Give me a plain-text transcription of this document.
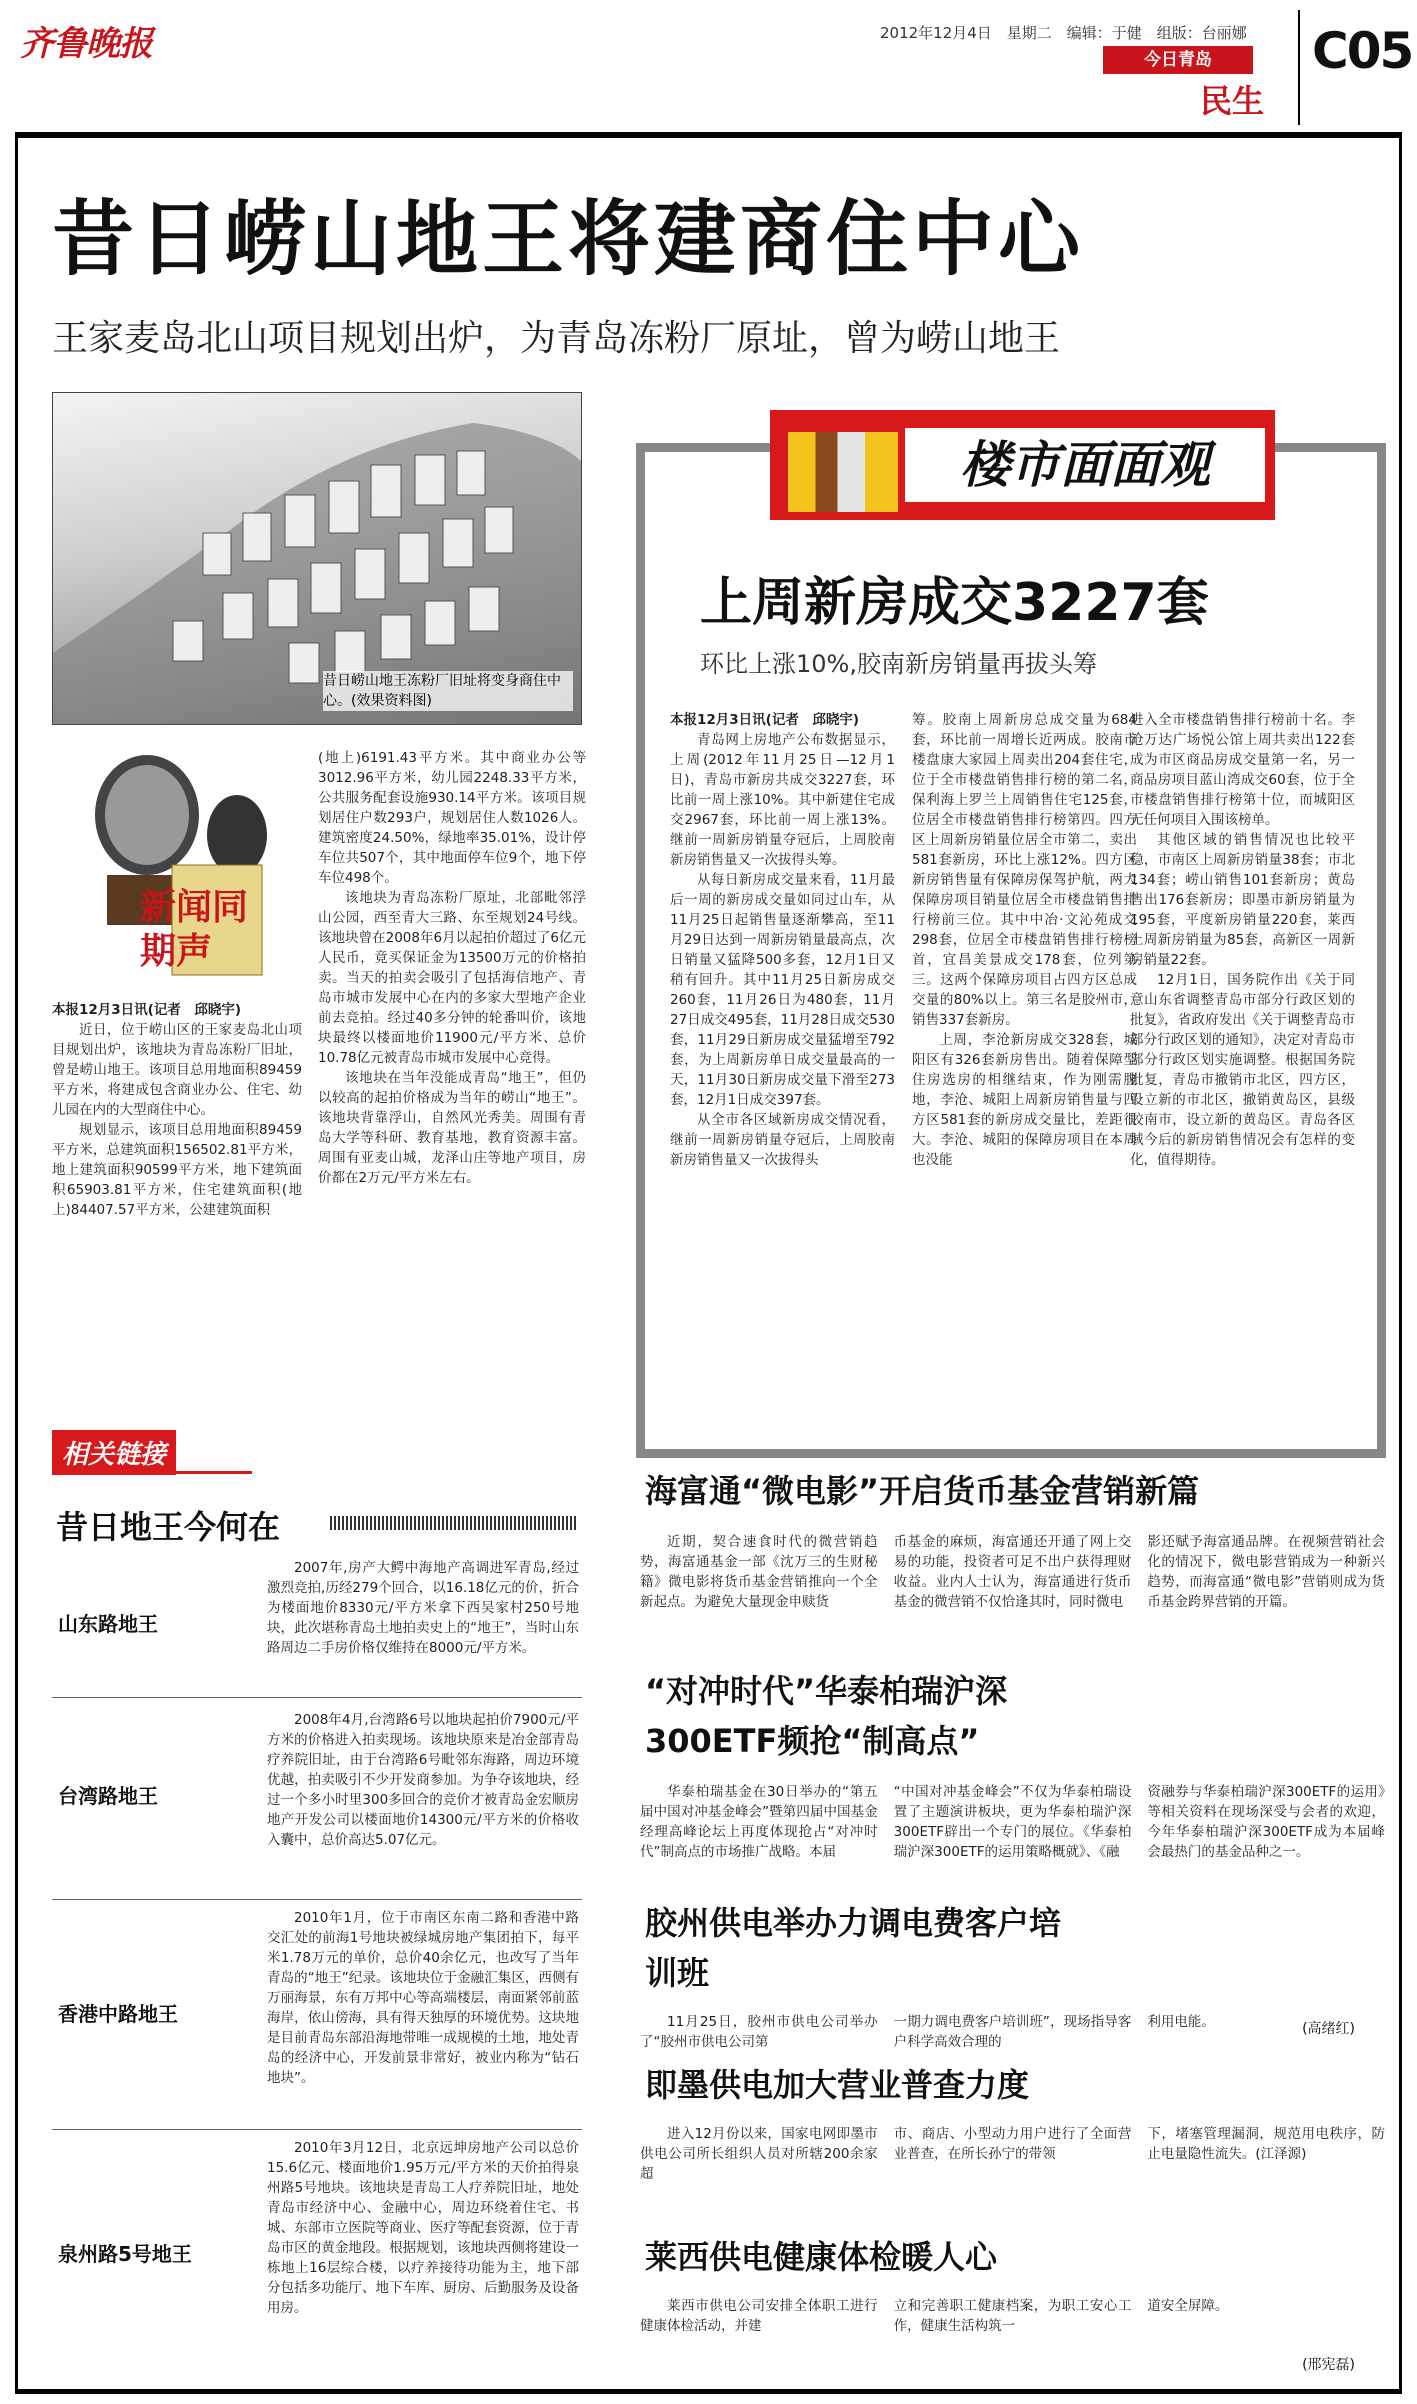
齐鲁晚报	2012年12月4日　星期二　编辑：于健　组版：台丽娜
今日青岛
民生
C05
昔日崂山地王将建商住中心
王家麦岛北山项目规划出炉，为青岛冻粉厂原址，曾为崂山地王
昔日崂山地王冻粉厂旧址将变身商住中心。(效果资料图)
新闻同期声

本报12月3日讯(记者　邱晓宇)

近日，位于崂山区的王家麦岛北山项目规划出炉，该地块为青岛冻粉厂旧址，曾是崂山地王。该项目总用地面积89459平方米，将建成包含商业办公、住宅、幼儿园在内的大型商住中心。

规划显示，该项目总用地面积89459平方米，总建筑面积156502.81平方米，地上建筑面积90599平方米，地下建筑面积65903.81平方米，住宅建筑面积(地上)84407.57平方米，公建建筑面积

(地上)6191.43平方米。其中商业办公等3012.96平方米，幼儿园2248.33平方米，公共服务配套设施930.14平方米。该项目规划居住户数293户，规划居住人数1026人。建筑密度24.50%，绿地率35.01%，设计停车位共507个，其中地面停车位9个，地下停车位498个。

该地块为青岛冻粉厂原址，北部毗邻浮山公园，西至青大三路、东至规划24号线。该地块曾在2008年6月以起拍价超过了6亿元人民币，竟买保证金为13500万元的价格拍卖。当天的拍卖会吸引了包括海信地产、青岛市城市发展中心在内的多家大型地产企业前去竞拍。经过40多分钟的轮番叫价，该地块最终以楼面地价11900元/平方米、总价10.78亿元被青岛市城市发展中心竞得。

该地块在当年没能成青岛“地王”，但仍以较高的起拍价格成为当年的崂山“地王”。该地块背靠浮山，自然风光秀美。周围有青岛大学等科研、教育基地，教育资源丰富。周围有亚麦山城，龙泽山庄等地产项目，房价都在2万元/平方米左右。

楼市面面观
上周新房成交3227套
环比上涨10%,胶南新房销量再拔头筹

本报12月3日讯(记者　邱晓宇)

青岛网上房地产公布数据显示，上周(2012年11月25日—12月1日)，青岛市新房共成交3227套，环比前一周上涨10%。其中新建住宅成交2967套，环比前一周上涨13%。继前一周新房销量夺冠后，上周胶南新房销售量又一次拔得头筹。

从每日新房成交量来看，11月最后一周的新房成交量如同过山车，从11月25日起销售量逐渐攀高，至11月29日达到一周新房销量最高点，次日销量又猛降500多套，12月1日又稍有回升。其中11月25日新房成交260套，11月26日为480套，11月27日成交495套，11月28日成交530套，11月29日新房成交量猛增至792套，为上周新房单日成交量最高的一天，11月30日新房成交量下滑至273套，12月1日成交397套。

从全市各区域新房成交情况看，继前一周新房销量夺冠后，上周胶南新房销售量又一次拔得头

筹。胶南上周新房总成交量为684套，环比前一周增长近两成。胶南市楼盘康大家园上周卖出204套住宅，位于全市楼盘销售排行榜的第二名，保利海上罗兰上周销售住宅125套，位居全市楼盘销售排行榜第四。四方区上周新房销量位居全市第二，卖出581套新房，环比上涨12%。四方区新房销售量有保障房保驾护航，两大保障房项目销量位居全市楼盘销售排行榜前三位。其中中冶·文沁苑成交298套，位居全市楼盘销售排行榜榜首，宜昌美景成交178套，位列第三。这两个保障房项目占四方区总成交量的80%以上。第三名是胶州市，销售337套新房。

上周，李沧新房成交328套，城阳区有326套新房售出。随着保障型住房选房的相继结束，作为刚需腹地，李沧、城阳上周新房销售量与四方区581套的新房成交量比，差距很大。李沧、城阳的保障房项目在本周也没能

进入全市楼盘销售排行榜前十名。李沧万达广场悦公馆上周共卖出122套成为市区商品房成交量第一名，另一商品房项目蓝山湾成交60套，位于全市楼盘销售排行榜第十位，而城阳区无任何项目入围该榜单。

其他区域的销售情况也比较平稳，市南区上周新房销量38套；市北134套；崂山销售101套新房；黄岛售出176套新房；即墨市新房销量为195套，平度新房销量220套，莱西上周新房销量为85套，高新区一周新房销量22套。

12月1日，国务院作出《关于同意山东省调整青岛市部分行政区划的批复》，省政府发出《关于调整青岛市部分行政区划的通知》，决定对青岛市部分行政区划实施调整。根据国务院批复，青岛市撤销市北区，四方区，设立新的市北区，撤销黄岛区，县级胶南市，设立新的黄岛区。青岛各区域今后的新房销售情况会有怎样的变化，值得期待。

相关链接
昔日地王今何在
山东路地王
2007年,房产大鳄中海地产高调进军青岛,经过激烈竞拍,历经279个回合，以16.18亿元的价，折合为楼面地价8330元/平方米拿下西吴家村250号地块，此次堪称青岛土地拍卖史上的“地王”，当时山东路周边二手房价格仅维持在8000元/平方米。
台湾路地王
2008年4月,台湾路6号以地块起拍价7900元/平方米的价格进入拍卖现场。该地块原来是冶金部青岛疗养院旧址，由于台湾路6号毗邻东海路，周边环境优越，拍卖吸引不少开发商参加。为争夺该地块，经过一个多小时里300多回合的竞价才被青岛金宏顺房地产开发公司以楼面地价14300元/平方米的价格收入囊中，总价高达5.07亿元。
香港中路地王
2010年1月，位于市南区东南二路和香港中路交汇处的前海1号地块被绿城房地产集团拍下，每平米1.78万元的单价，总价40余亿元，也改写了当年青岛的“地王”纪录。该地块位于金融汇集区，西侧有万丽海景，东有万邦中心等高端楼层，南面紧邻前蓝海岸，依山傍海，具有得天独厚的环境优势。这块地是目前青岛东部沿海地带唯一成规模的土地，地处青岛的经济中心，开发前景非常好，被业内称为“钻石地块”。
泉州路5号地王
2010年3月12日，北京远坤房地产公司以总价15.6亿元、楼面地价1.95万元/平方米的天价拍得泉州路5号地块。该地块是青岛工人疗养院旧址，地处青岛市经济中心、金融中心，周边环绕着住宅、书城、东部市立医院等商业、医疗等配套资源，位于青岛市区的黄金地段。根据规划，该地块西侧将建设一栋地上16层综合楼，以疗养接待功能为主，地下部分包括多功能厅、地下车库、厨房、后勤服务及设备用房。
海富通“微电影”开启货币基金营销新篇
近期，契合速食时代的微营销趋势，海富通基金一部《沈万三的生财秘籍》微电影将货币基金营销推向一个全新起点。为避免大量现金申赎货
币基金的麻烦，海富通还开通了网上交易的功能，投资者可足不出户获得理财收益。业内人士认为，海富通进行货币基金的微营销不仅恰逢其时，同时微电
影还赋予海富通品牌。在视频营销社会化的情况下，微电影营销成为一种新兴趋势，而海富通“微电影”营销则成为货币基金跨界营销的开篇。
“对冲时代”华泰柏瑞沪深300ETF频抢“制高点”
华泰柏瑞基金在30日举办的“第五届中国对冲基金峰会”暨第四届中国基金经理高峰论坛上再度体现抢占“对冲时代”制高点的市场推广战略。本届
“中国对冲基金峰会”不仅为华泰柏瑞设置了主题演讲板块，更为华泰柏瑞沪深300ETF辟出一个专门的展位。《华泰柏瑞沪深300ETF的运用策略概就》、《融
资融券与华泰柏瑞沪深300ETF的运用》等相关资料在现场深受与会者的欢迎，今年华泰柏瑞沪深300ETF成为本届峰会最热门的基金品种之一。
胶州供电举办力调电费客户培训班
11月25日，胶州市供电公司举办了“胶州市供电公司第
一期力调电费客户培训班”，现场指导客户科学高效合理的
利用电能。	(高绪红)
即墨供电加大营业普查力度
进入12月份以来，国家电网即墨市供电公司所长组织人员对所辖200余家超
市、商店、小型动力用户进行了全面营业普查，在所长孙宁的带领
下，堵塞管理漏洞，规范用电秩序，防止电量隐性流失。(江泽源)
莱西供电健康体检暖人心
莱西市供电公司安排全体职工进行健康体检活动，并建
立和完善职工健康档案，为职工安心工作，健康生活构筑一
道安全屏障。
(邢宪磊)
